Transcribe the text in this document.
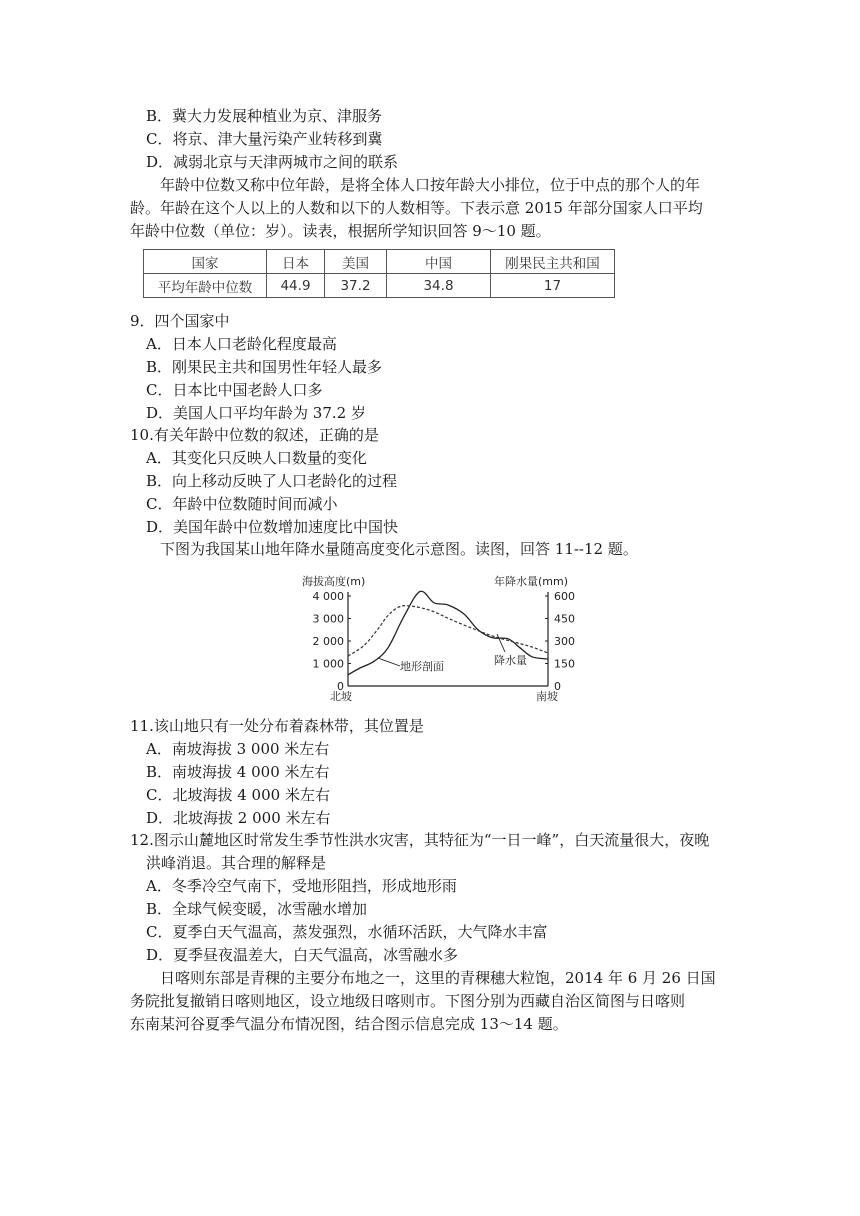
B．冀大力发展种植业为京、津服务
C．将京、津大量污染产业转移到冀
D．减弱北京与天津两城市之间的联系
年龄中位数又称中位年龄，是将全体人口按年龄大小排位，位于中点的那个人的年
龄。年龄在这个人以上的人数和以下的人数相等。下表示意 2015 年部分国家人口平均
年龄中位数（单位：岁）。读表，根据所学知识回答 9～10 题。
国家	日本	美国	中国	刚果民主共和国
平均年龄中位数	44.9	37.2	34.8	17
9．四个国家中
A．日本人口老龄化程度最高
B．刚果民主共和国男性年轻人最多
C．日本比中国老龄人口多
D．美国人口平均年龄为 37.2 岁
10.有关年龄中位数的叙述，正确的是
A．其变化只反映人口数量的变化
B．向上移动反映了人口老龄化的过程
C．年龄中位数随时间而减小
D．美国年龄中位数增加速度比中国快
下图为我国某山地年降水量随高度变化示意图。读图，回答 11--12 题。
海拔高度(m)	年降水量(mm)
4 000	600
3 000	450
2 000	300
1 000	150
0	0
地形剖面	降水量
北坡	南坡
11.该山地只有一处分布着森林带，其位置是
A．南坡海拔 3 000 米左右
B．南坡海拔 4 000 米左右
C．北坡海拔 4 000 米左右
D．北坡海拔 2 000 米左右
12.图示山麓地区时常发生季节性洪水灾害，其特征为“一日一峰”，白天流量很大，夜晚
洪峰消退。其合理的解释是
A．冬季冷空气南下，受地形阻挡，形成地形雨
B．全球气候变暖，冰雪融水增加
C．夏季白天气温高，蒸发强烈，水循环活跃，大气降水丰富
D．夏季昼夜温差大，白天气温高，冰雪融水多
日喀则东部是青稞的主要分布地之一，这里的青稞穗大粒饱，2014 年 6 月 26 日国
务院批复撤销日喀则地区，设立地级日喀则市。下图分别为西藏自治区简图与日喀则
东南某河谷夏季气温分布情况图，结合图示信息完成 13～14 题。
